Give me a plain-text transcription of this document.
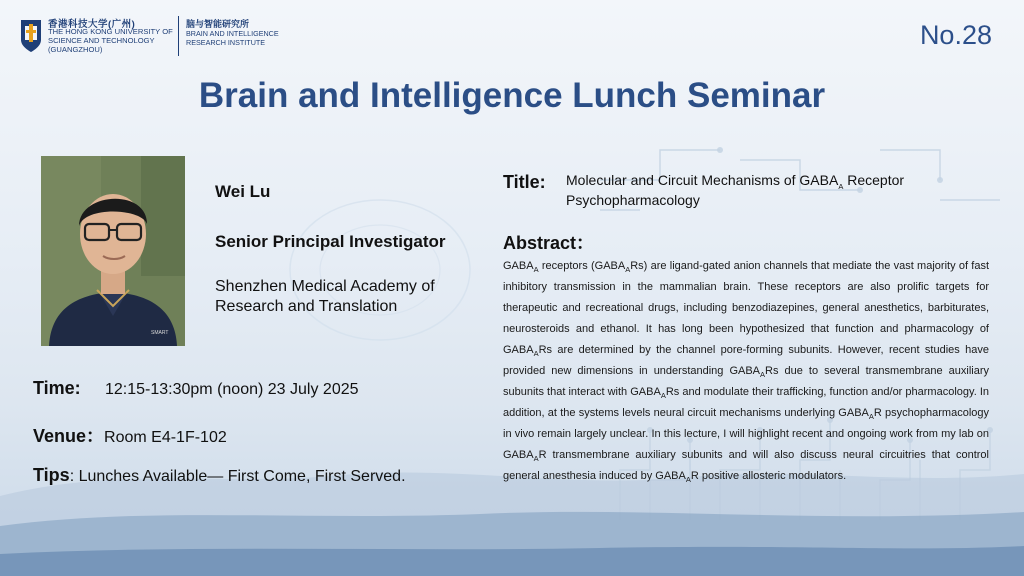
香港科技大学(广州)
THE HONG KONG UNIVERSITY OF SCIENCE AND TECHNOLOGY (GUANGZHOU)
脑与智能研究所
BRAIN AND INTELLIGENCE RESEARCH INSTITUTE	No.28
Brain and Intelligence Lunch Seminar
SMART
Wei Lu
Senior Principal Investigator
Shenzhen Medical Academy of Research and Translation
Time: 12:15-13:30pm (noon) 23 July 2025
Venue：Room E4-1F-102
Tips: Lunches Available— First Come, First Served.
Title: Molecular and Circuit Mechanisms of $GABA_A$ Receptor Psychopharmacology
Abstract：
$GABA_A$ receptors $(GABA_ARs)$ are ligand-gated anion channels that mediate the vast majority of fast inhibitory transmission in the mammalian brain. These receptors are also prolific targets for therapeutic and recreational drugs, including benzodiazepines, general anesthetics, barbiturates, neurosteroids and ethanol. It has long been hypothesized that function and pharmacology of $GABA_ARs$ are determined by the channel pore-forming subunits. However, recent studies have provided new dimensions in understanding $GABA_ARs$ due to several transmembrane auxiliary subunits that interact with $GABA_ARs$ and modulate their trafficking, function and/or pharmacology. In addition, at the systems levels neural circuit mechanisms underlying $GABA_AR$ psychopharmacology in vivo remain largely unclear. In this lecture, I will highlight recent and ongoing work from my lab on $GABA_AR$ transmembrane auxiliary subunits and will also discuss neural circuitries that control general anesthesia induced by $GABA_AR$ positive allosteric modulators.
